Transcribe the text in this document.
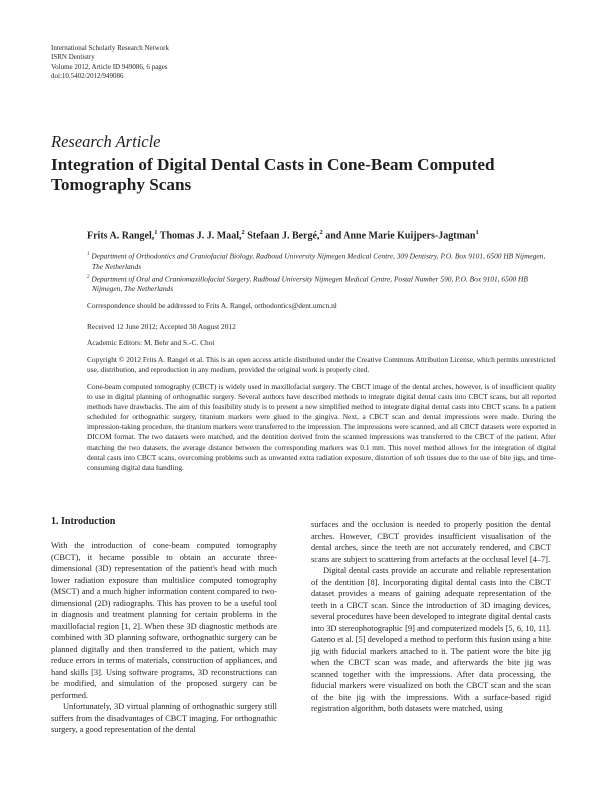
International Scholarly Research Network
ISRN Dentistry
Volume 2012, Article ID 949086, 6 pages
doi:10.5402/2012/949086
Research Article
Integration of Digital Dental Casts in Cone-Beam Computed Tomography Scans
Frits A. Rangel,$^1$ Thomas J. J. Maal,$^2$ Stefaan J. Bergé,$^2$ and Anne Marie Kuijpers-Jagtman$^1$
$^1$ Department of Orthodontics and Craniofacial Biology, Radboud University Nijmegen Medical Centre, 309 Dentistry, P.O. Box 9101, 6500 HB Nijmegen, The Netherlands
$^2$ Department of Oral and Craniomaxillofacial Surgery, Radboud University Nijmegen Medical Centre, Postal Number 590, P.O. Box 9101, 6500 HB Nijmegen, The Netherlands
Correspondence should be addressed to Frits A. Rangel, orthodontics@dent.umcn.nl
Received 12 June 2012; Accepted 30 August 2012
Academic Editors: M. Behr and S.-C. Choi
Copyright © 2012 Frits A. Rangel et al. This is an open access article distributed under the Creative Commons Attribution License, which permits unrestricted use, distribution, and reproduction in any medium, provided the original work is properly cited.
Cone-beam computed tomography (CBCT) is widely used in maxillofacial surgery. The CBCT image of the dental arches, however, is of insufficient quality to use in digital planning of orthognathic surgery. Several authors have described methods to integrate digital dental casts into CBCT scans, but all reported methods have drawbacks. The aim of this feasibility study is to present a new simplified method to integrate digital dental casts into CBCT scans. In a patient scheduled for orthognathic surgery, titanium markers were glued to the gingiva. Next, a CBCT scan and dental impressions were made. During the impression-taking procedure, the titanium markers were transferred to the impression. The impressions were scanned, and all CBCT datasets were exported in DICOM format. The two datasets were matched, and the dentition derived from the scanned impressions was transferred to the CBCT of the patient. After matching the two datasets, the average distance between the corresponding markers was 0.1 mm. This novel method allows for the integration of digital dental casts into CBCT scans, overcoming problems such as unwanted extra radiation exposure, distortion of soft tissues due to the use of bite jigs, and time-consuming digital data handling.
1. Introduction

With the introduction of cone-beam computed tomography (CBCT), it became possible to obtain an accurate three-dimensional (3D) representation of the patient's head with much lower radiation exposure than multislice computed tomography (MSCT) and a much higher information content compared to two-dimensional (2D) radiographs. This has proven to be a useful tool in diagnosis and treatment planning for certain problems in the maxillofacial region [1, 2]. When these 3D diagnostic methods are combined with 3D planning software, orthognathic surgery can be planned digitally and then transferred to the patient, which may reduce errors in terms of materials, construction of appliances, and hand skills [3]. Using software programs, 3D reconstructions can be modified, and simulation of the proposed surgery can be performed.

Unfortunately, 3D virtual planning of orthognathic surgery still suffers from the disadvantages of CBCT imaging. For orthognathic surgery, a good representation of the dental

surfaces and the occlusion is needed to properly position the dental arches. However, CBCT provides insufficient visualisation of the dental arches, since the teeth are not accurately rendered, and CBCT scans are subject to scattering from artefacts at the occlusal level [4–7].

Digital dental casts provide an accurate and reliable representation of the dentition [8]. Incorporating digital dental casts into the CBCT dataset provides a means of gaining adequate representation of the teeth in a CBCT scan. Since the introduction of 3D imaging devices, several procedures have been developed to integrate digital dental casts into 3D stereophotographic [9] and computerized models [5, 6, 10, 11]. Gateno et al. [5] developed a method to perform this fusion using a bite jig with fiducial markers attached to it. The patient wore the bite jig when the CBCT scan was made, and afterwards the bite jig was scanned together with the impressions. After data processing, the fiducial markers were visualized on both the CBCT scan and the scan of the bite jig with the impressions. With a surface-based rigid registration algorithm, both datasets were matched, using
